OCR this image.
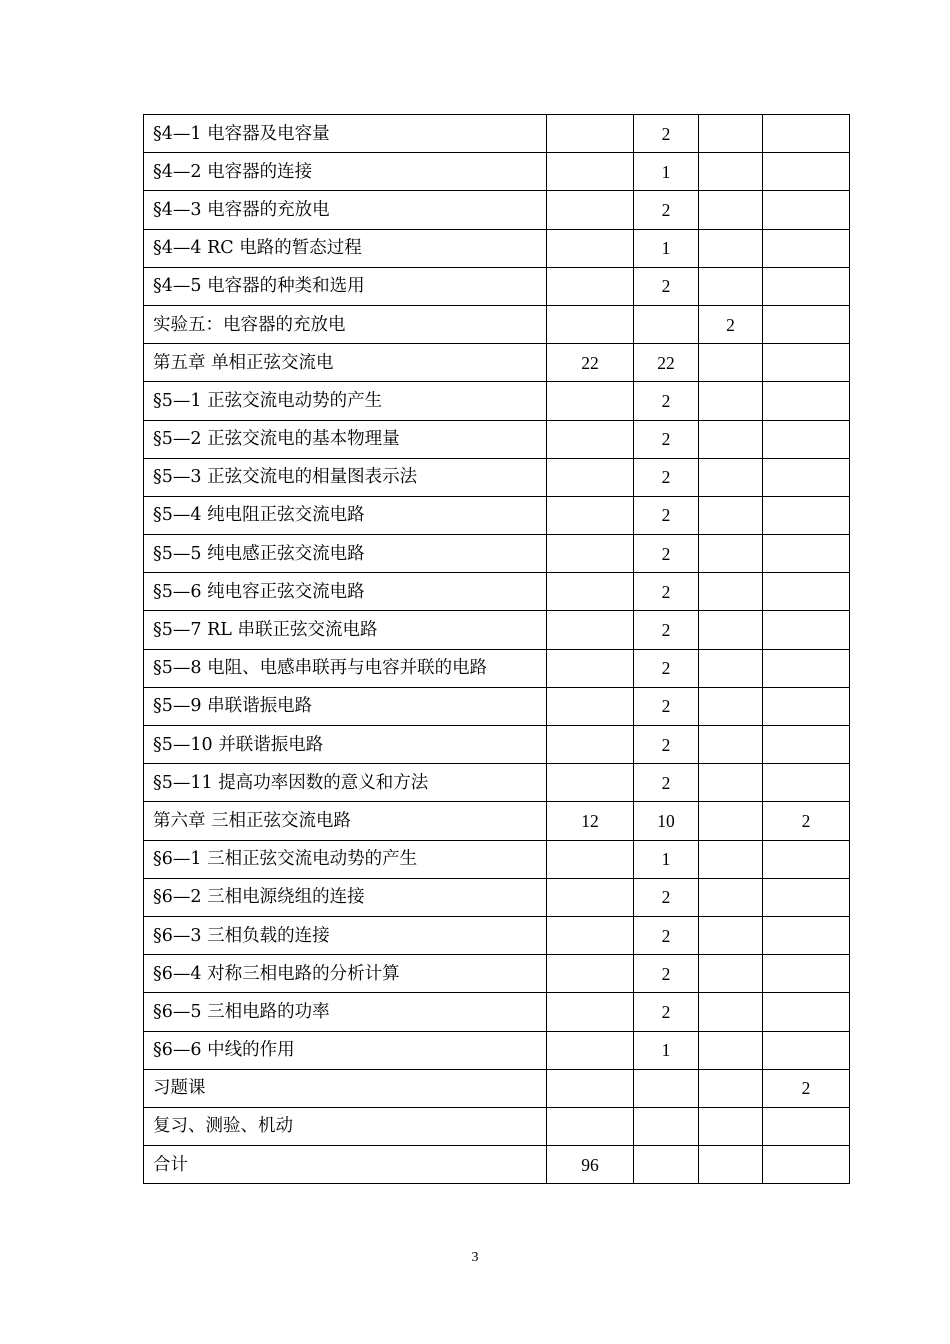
§4—1 电容器及电容量		2		
§4—2 电容器的连接		1		
§4—3 电容器的充放电		2		
§4—4 RC 电路的暂态过程		1		
§4—5 电容器的种类和选用		2		
实验五：电容器的充放电			2	
第五章 单相正弦交流电	22	22		
§5—1 正弦交流电动势的产生		2		
§5—2 正弦交流电的基本物理量		2		
§5—3 正弦交流电的相量图表示法		2		
§5—4 纯电阻正弦交流电路		2		
§5—5 纯电感正弦交流电路		2		
§5—6 纯电容正弦交流电路		2		
§5—7 RL 串联正弦交流电路		2		
§5—8 电阻、电感串联再与电容并联的电路		2		
§5—9 串联谐振电路		2		
§5—10 并联谐振电路		2		
§5—11 提高功率因数的意义和方法		2		
第六章 三相正弦交流电路	12	10		2
§6—1 三相正弦交流电动势的产生		1		
§6—2 三相电源绕组的连接		2		
§6—3 三相负载的连接		2		
§6—4 对称三相电路的分析计算		2		
§6—5 三相电路的功率		2		
§6—6 中线的作用		1		
习题课				2
复习、测验、机动				
合计	96			
3
